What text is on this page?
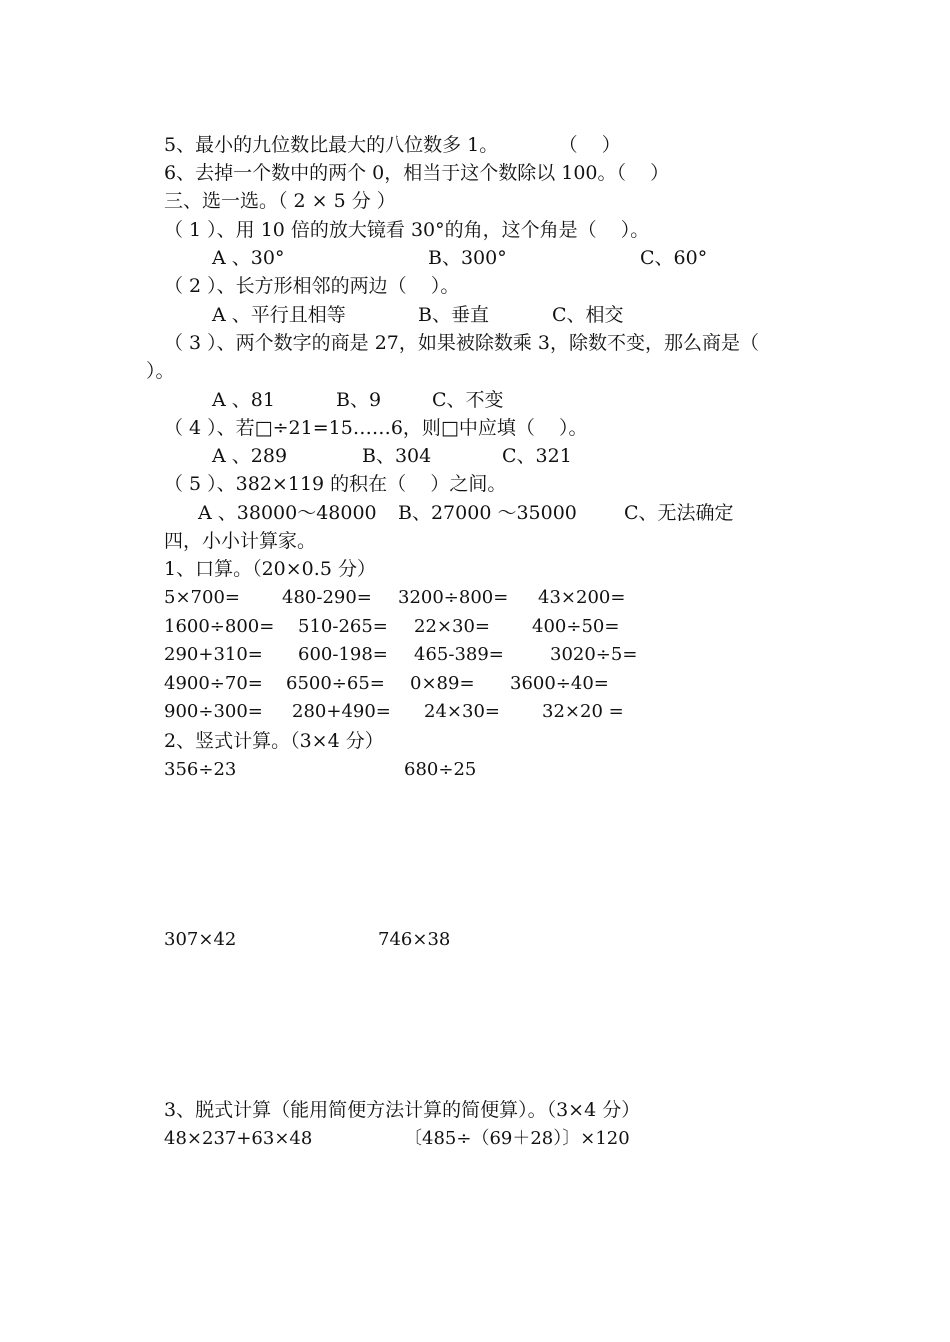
5、最小的九位数比最大的八位数多 1。          （    ）
6、去掉一个数中的两个 0，相当于这个数除以 100。（    ）
三、选一选。（ 2 × 5 分 ）
（ 1 ）、用 10 倍的放大镜看 30°的角，这个角是（    ）。
A 、30°	B、300°	C、60°
（ 2 ）、长方形相邻的两边（    ）。
A 、平行且相等	B、垂直	C、相交
（ 3 ）、两个数字的商是 27，如果被除数乘 3，除数不变，那么商是（
）。
A 、81	B、9	C、不变
（ 4 ）、若□÷21=15……6，则□中应填（    ）。
A 、289	B、304	C、321
（ 5 ）、382×119 的积在（    ）之间。
A 、38000～48000 B、27000 ～35000 C、无法确定
四，小小计算家。
1、口算。（20×0.5 分）
5×700= 480-290= 3200÷800= 43×200=
1600÷800= 510-265= 22×30= 400÷50=
290+310= 600-198= 465-389=	3020÷5=
4900÷70= 6500÷65= 0×89= 3600÷40=
900÷300= 280+490= 24×30= 32×20 =
2、竖式计算。（3×4 分）
356÷23	680÷25
307×42	746×38
3、脱式计算（能用简便方法计算的简便算）。（3×4 分）
48×237+63×48	〔485÷（69＋28）〕×120
